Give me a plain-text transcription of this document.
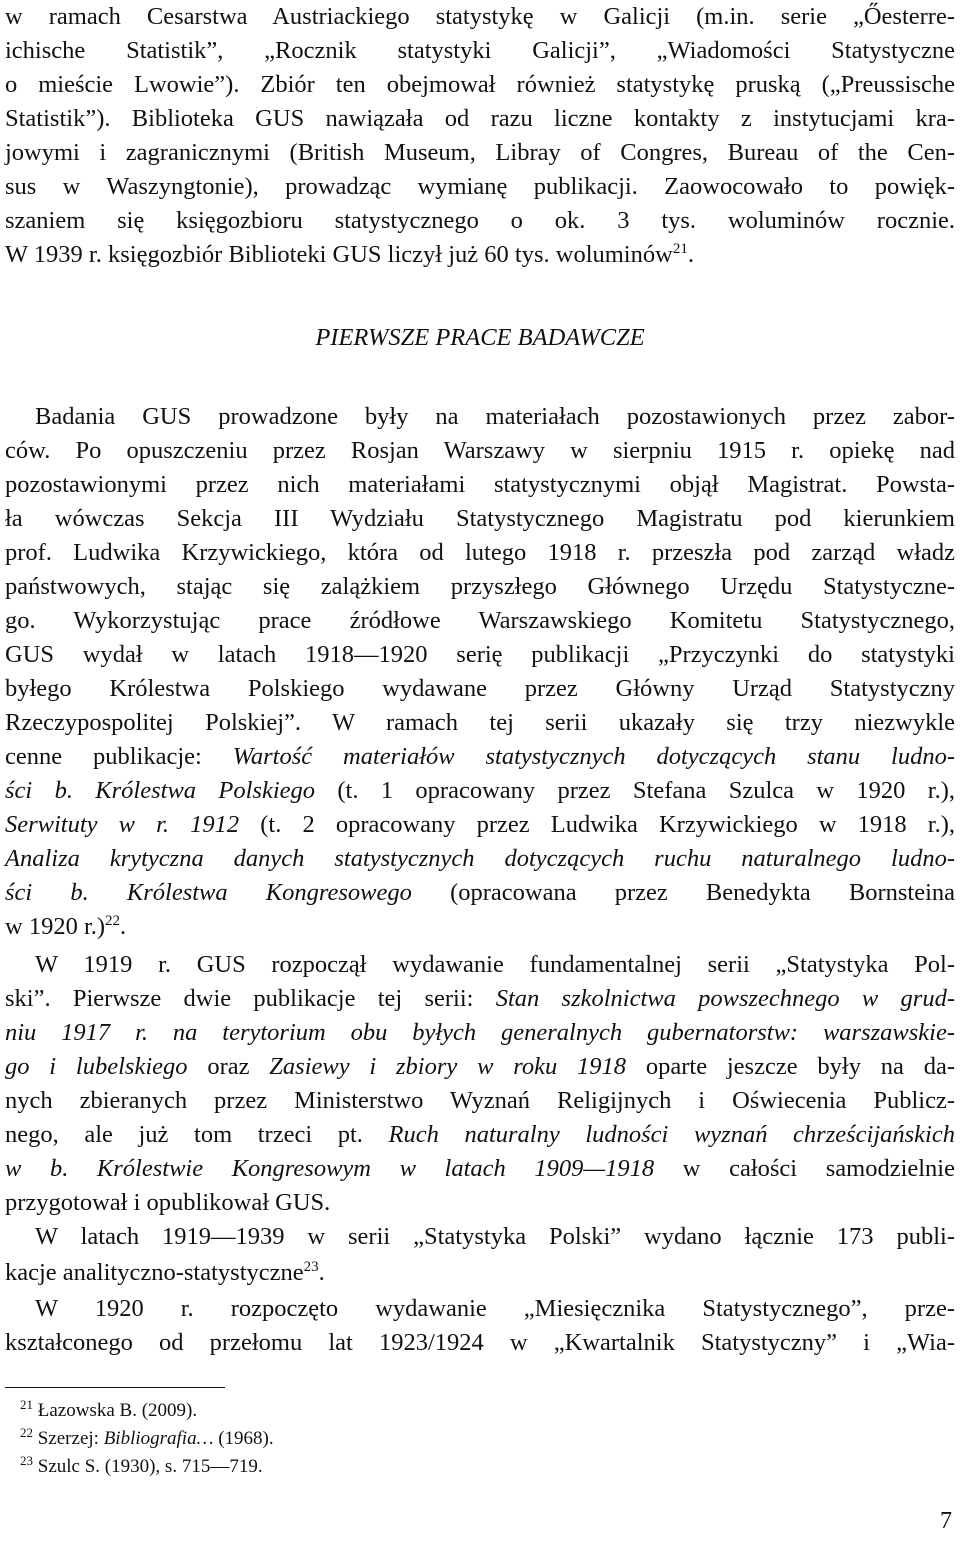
w ramach Cesarstwa Austriackiego statystykę w Galicji (m.in. serie „Őesterre-
ichische Statistik”, „Rocznik statystyki Galicji”, „Wiadomości Statystyczne
o mieście Lwowie”). Zbiór ten obejmował również statystykę pruską („Preussische
Statistik”). Biblioteka GUS nawiązała od razu liczne kontakty z instytucjami kra-
jowymi i zagranicznymi (British Museum, Libray of Congres, Bureau of the Cen-
sus w Waszyngtonie), prowadząc wymianę publikacji. Zaowocowało to powięk-
szaniem się księgozbioru statystycznego o ok. 3 tys. woluminów rocznie.
W 1939 r. księgozbiór Biblioteki GUS liczył już 60 tys. woluminów$^{21}$.
PIERWSZE PRACE BADAWCZE
Badania GUS prowadzone były na materiałach pozostawionych przez zabor-
ców. Po opuszczeniu przez Rosjan Warszawy w sierpniu 1915 r. opiekę nad
pozostawionymi przez nich materiałami statystycznymi objął Magistrat. Powsta-
ła wówczas Sekcja III Wydziału Statystycznego Magistratu pod kierunkiem
prof. Ludwika Krzywickiego, która od lutego 1918 r. przeszła pod zarząd władz
państwowych, stając się zalążkiem przyszłego Głównego Urzędu Statystyczne-
go. Wykorzystując prace źródłowe Warszawskiego Komitetu Statystycznego,
GUS wydał w latach 1918—1920 serię publikacji „Przyczynki do statystyki
byłego Królestwa Polskiego wydawane przez Główny Urząd Statystyczny
Rzeczypospolitej Polskiej”. W ramach tej serii ukazały się trzy niezwykle
cenne publikacje: Wartość materiałów statystycznych dotyczących stanu ludno-
ści b. Królestwa Polskiego (t. 1 opracowany przez Stefana Szulca w 1920 r.),
Serwituty w r. 1912 (t. 2 opracowany przez Ludwika Krzywickiego w 1918 r.),
Analiza krytyczna danych statystycznych dotyczących ruchu naturalnego ludno-
ści b. Królestwa Kongresowego (opracowana przez Benedykta Bornsteina
w 1920 r.)$^{22}$.
W 1919 r. GUS rozpoczął wydawanie fundamentalnej serii „Statystyka Pol-
ski”. Pierwsze dwie publikacje tej serii: Stan szkolnictwa powszechnego w grud-
niu 1917 r. na terytorium obu byłych generalnych gubernatorstw: warszawskie-
go i lubelskiego oraz Zasiewy i zbiory w roku 1918 oparte jeszcze były na da-
nych zbieranych przez Ministerstwo Wyznań Religijnych i Oświecenia Publicz-
nego, ale już tom trzeci pt. Ruch naturalny ludności wyznań chrześcijańskich
w b. Królestwie Kongresowym w latach 1909—1918 w całości samodzielnie
przygotował i opublikował GUS.
W latach 1919—1939 w serii „Statystyka Polski” wydano łącznie 173 publi-
kacje analityczno-statystyczne$^{23}$.
W 1920 r. rozpoczęto wydawanie „Miesięcznika Statystycznego”, prze-
kształconego od przełomu lat 1923/1924 w „Kwartalnik Statystyczny” i „Wia-
$^{21}$ Łazowska B. (2009).
$^{22}$ Szerzej: Bibliografia… (1968).
$^{23}$ Szulc S. (1930), s. 715—719.
7
